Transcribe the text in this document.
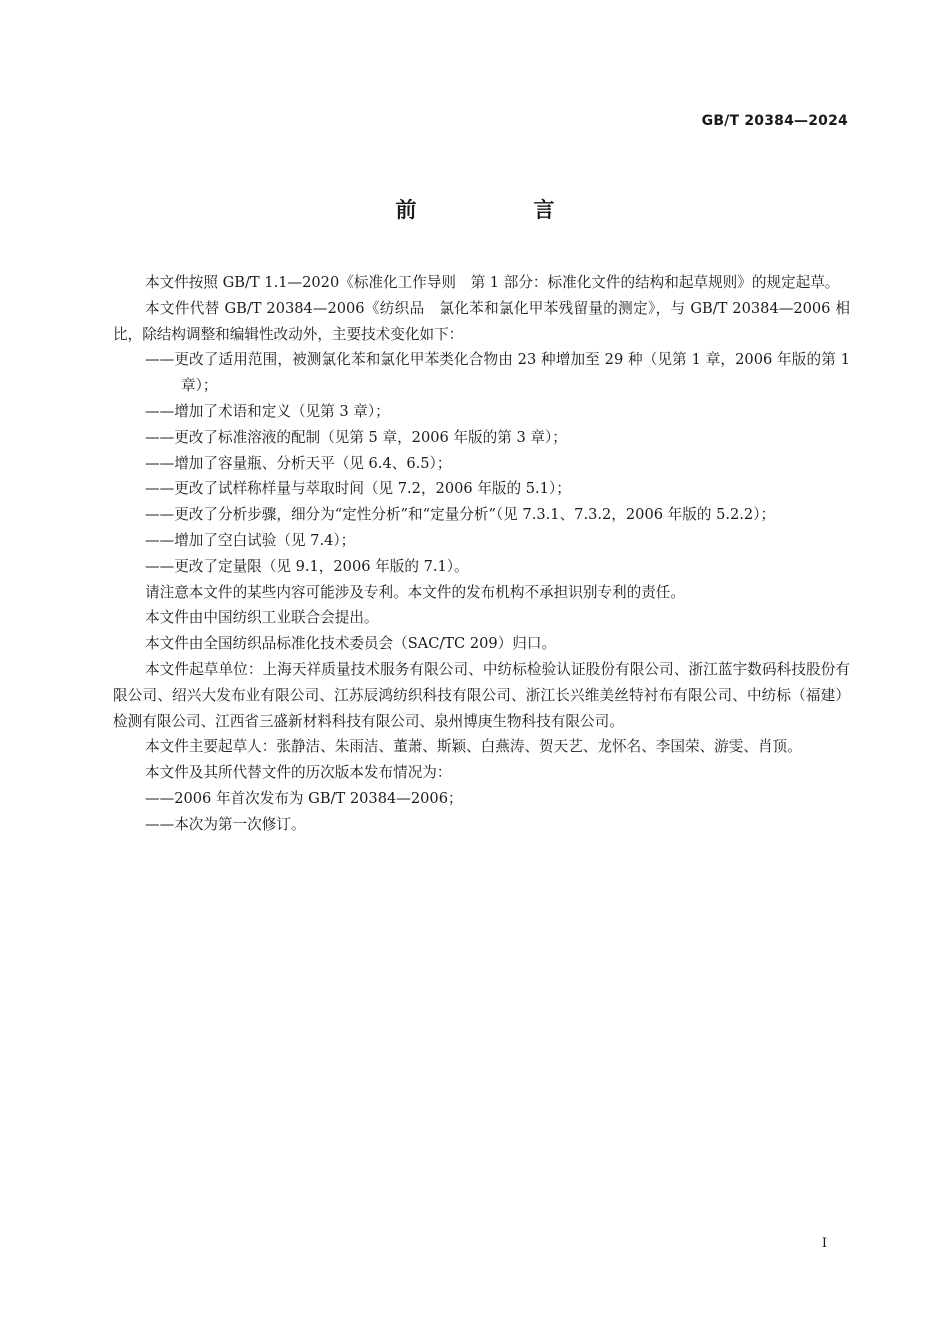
GB/T 20384—2024
前　言

本文件按照 GB/T 1.1—2020《标准化工作导则　第 1 部分：标准化文件的结构和起草规则》的规定起草。

本文件代替 GB/T 20384—2006《纺织品　氯化苯和氯化甲苯残留量的测定》，与 GB/T 20384—2006 相比，除结构调整和编辑性改动外，主要技术变化如下：

——更改了适用范围，被测氯化苯和氯化甲苯类化合物由 23 种增加至 29 种（见第 1 章，2006 年版的第 1 章）；

——增加了术语和定义（见第 3 章）；

——更改了标准溶液的配制（见第 5 章，2006 年版的第 3 章）；

——增加了容量瓶、分析天平（见 6.4、6.5）；

——更改了试样称样量与萃取时间（见 7.2，2006 年版的 5.1）；

——更改了分析步骤，细分为“定性分析”和“定量分析”（见 7.3.1、7.3.2，2006 年版的 5.2.2）；

——增加了空白试验（见 7.4）；

——更改了定量限（见 9.1，2006 年版的 7.1）。

请注意本文件的某些内容可能涉及专利。本文件的发布机构不承担识别专利的责任。

本文件由中国纺织工业联合会提出。

本文件由全国纺织品标准化技术委员会（SAC/TC 209）归口。

本文件起草单位：上海天祥质量技术服务有限公司、中纺标检验认证股份有限公司、浙江蓝宇数码科技股份有限公司、绍兴大发布业有限公司、江苏辰鸿纺织科技有限公司、浙江长兴维美丝特衬布有限公司、中纺标（福建）检测有限公司、江西省三盛新材料科技有限公司、泉州博庚生物科技有限公司。

本文件主要起草人：张静洁、朱雨洁、董萧、斯颖、白燕涛、贺天艺、龙怀名、李国荣、游雯、肖顶。

本文件及其所代替文件的历次版本发布情况为：

——2006 年首次发布为 GB/T 20384—2006；

——本次为第一次修订。

I
